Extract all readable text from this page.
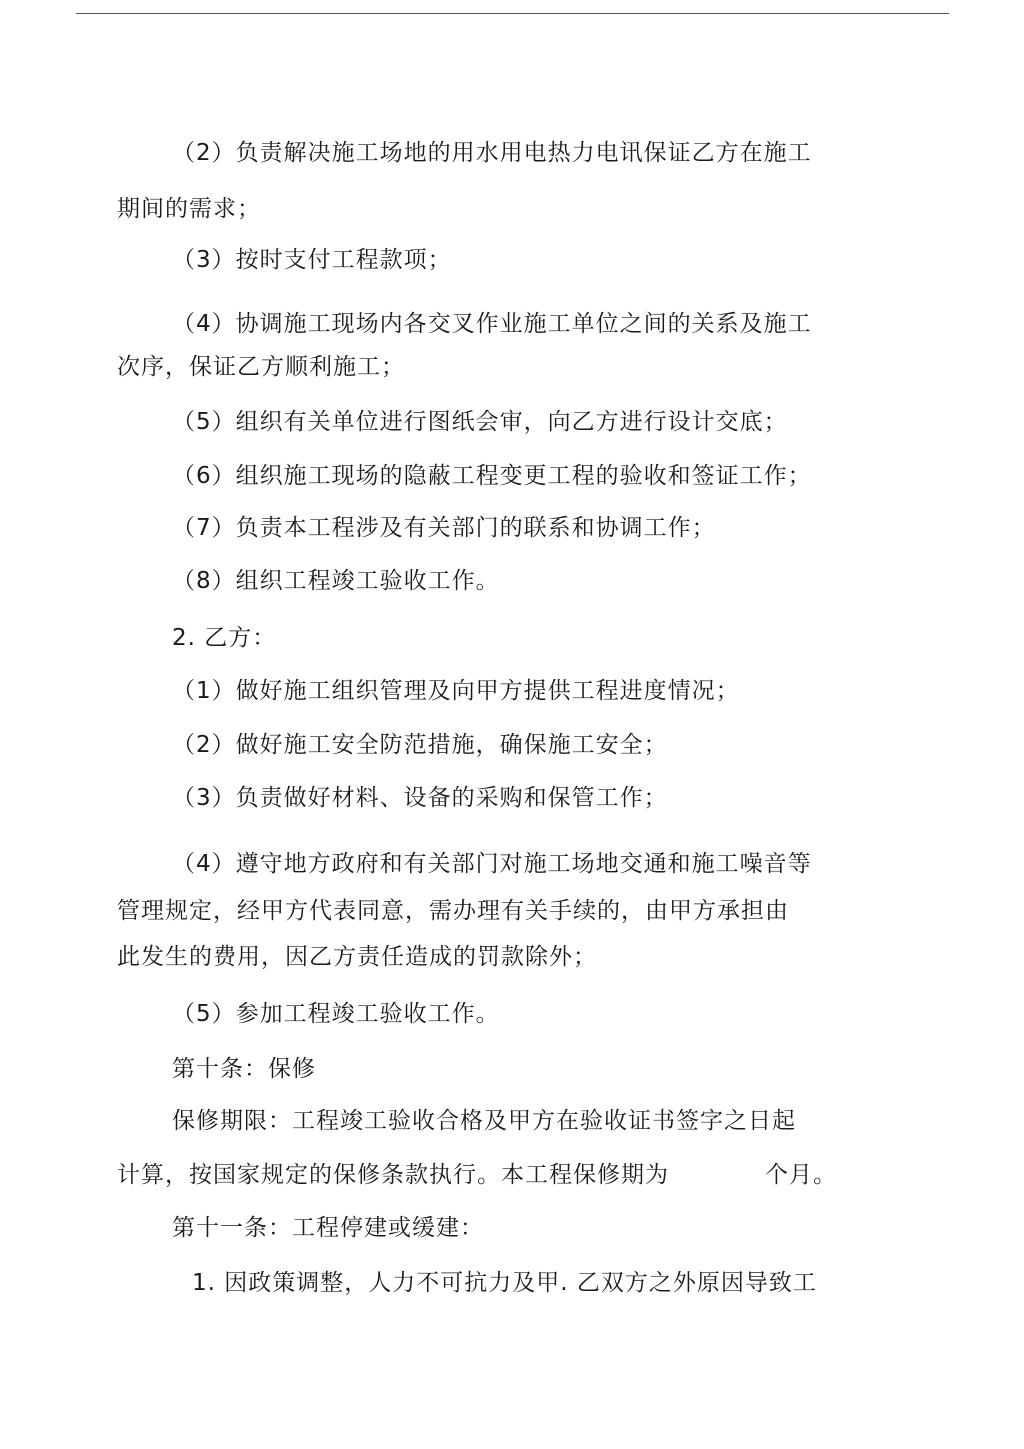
（2）负责解决施工场地的用水用电热力电讯保证乙方在施工
期间的需求；
（3）按时支付工程款项；
（4）协调施工现场内各交叉作业施工单位之间的关系及施工
次序，保证乙方顺利施工；
（5）组织有关单位进行图纸会审，向乙方进行设计交底；
（6）组织施工现场的隐蔽工程变更工程的验收和签证工作；
（7）负责本工程涉及有关部门的联系和协调工作；
（8）组织工程竣工验收工作。
2. 乙方：
（1）做好施工组织管理及向甲方提供工程进度情况；
（2）做好施工安全防范措施，确保施工安全；
（3）负责做好材料、设备的采购和保管工作；
（4）遵守地方政府和有关部门对施工场地交通和施工噪音等
管理规定，经甲方代表同意，需办理有关手续的，由甲方承担由
此发生的费用，因乙方责任造成的罚款除外；
（5）参加工程竣工验收工作。
第十条：保修
保修期限：工程竣工验收合格及甲方在验收证书签字之日起
计算，按国家规定的保修条款执行。本工程保修期为　　　　个月。
第十一条：工程停建或缓建：
1. 因政策调整，人力不可抗力及甲. 乙双方之外原因导致工
